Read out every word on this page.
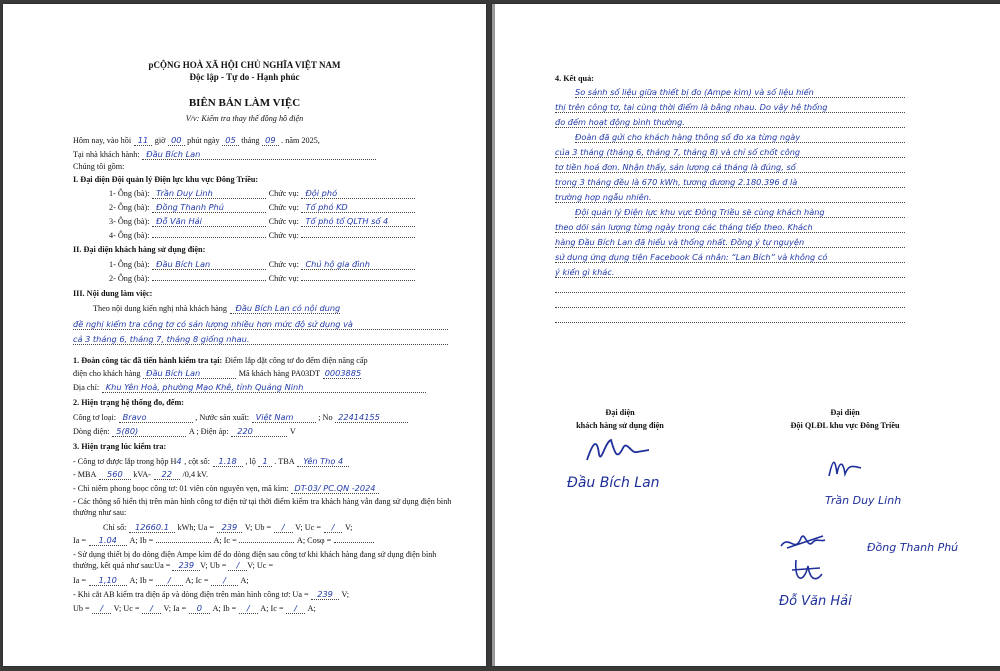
pCỘNG HOÀ XÃ HỘI CHỦ NGHĨA VIỆT NAM
Độc lập - Tự do - Hạnh phúc
BIÊN BẢN LÀM VIỆC
V/v: Kiểm tra thay thế đồng hồ điện
Hôm nay, vào hồi 11 giờ 00 phút ngày 05 tháng 09 . năm 2025,
Tại nhà khách hành: Đầu Bích Lan
Chúng tôi gồm:
I. Đại diện Đội quản lý Điện lực khu vực Đông Triều:
1- Ông (bà): Trần Duy Linh	Chức vụ: Đội phó
2- Ông (bà): Đồng Thanh Phú	Chức vụ: Tổ phó KD
3- Ông (bà): Đỗ Văn Hải	Chức vụ: Tổ phó tổ QLTH số 4
4- Ông (bà):	Chức vụ:
II. Đại diện khách hàng sử dụng điện:
1- Ông (bà): Đầu Bích Lan	Chức vụ: Chủ hộ gia đình
2- Ông (bà):	Chức vụ:
III. Nội dung làm việc:
Theo nội dung kiến nghị nhà khách hàng Đầu Bích Lan có nội dung
đề nghị kiểm tra công tơ có sản lượng nhiều hơn mức độ sử dụng và
cả 3 tháng 6, tháng 7, tháng 8 giống nhau.
1. Đoàn công tác đã tiến hành kiểm tra tại: Điểm lắp đặt công tơ đo đếm điện năng cấp
điện cho khách hàng Đầu Bích Lan	Mã khách hàng PA03DT 0003885
Địa chỉ: Khu Yên Hoà, phường Mạo Khê, tỉnh Quảng Ninh
2. Hiện trạng hệ thống đo, đếm:
Công tơ loại: Bravo	, Nước sản xuất: Việt Nam	; No 22414155
Dòng điện: 5(80)	A ; Điện áp: 220	V
3. Hiện trạng lúc kiểm tra:
- Công tơ được lắp trong hộp H4 , cột số: 1.18 , lộ 1 . TBA Yên Thọ 4
- MBA 560 kVA- 22 /0,4 kV.
- Chì niêm phong boọc công tơ: 01 viên còn nguyên vẹn, mã kìm: DT-03/ PC.QN -2024
- Các thông số hiển thị trên màn hình công tơ điện tử tại thời điểm kiểm tra khách hàng vẫn đang sử dụng điện bình thường như sau:
Chỉ số: 12660.1 kWh; Ua = 239 V; Ub = / V; Uc = / V;
Ia = 1.04 A; Ib =	A; Ic =	A; Cosφ =
- Sử dụng thiết bị đo dòng điện Ampe kìm để đo dòng điện sau công tơ khi khách hàng đang sử dụng điện bình thường, kết quả như sau:Ua = 239 V; Ub = / V; Uc =
Ia = 1,10 A; Ib = / A; Ic = / A;
- Khi cắt AB kiểm tra điện áp và dòng điện trên màn hình công tơ: Ua = 239 V;
Ub = / V; Uc = / V; Ia = 0 A; Ib = / A; Ic = / A;
4. Kết quả:
So sánh số liệu giữa thiết bị đo (Ampe kìm) và số liệu hiển
thị trên công tơ, tại cùng thời điểm là bằng nhau. Do vậy hệ thống
đo đếm hoạt động bình thường.
Đoàn đã gửi cho khách hàng thông số đo xa từng ngày
của 3 tháng (tháng 6, tháng 7, tháng 8) và chỉ số chốt công
tơ tiền hoá đơn. Nhận thấy, sản lượng cả tháng là đúng, số
trong 3 tháng đều là 670 kWh, tương đương 2.180.396 đ là
trường hợp ngẫu nhiên.
Đội quản lý Điện lực khu vực Đông Triều sẽ cùng khách hàng
theo dõi sản lượng từng ngày trong các tháng tiếp theo. Khách
hàng Đầu Bích Lan đã hiểu và thống nhất. Đồng ý tự nguyện
sử dụng ứng dụng tiện Facebook Cá nhân: “Lan Bích” và không có
ý kiến gì khác.

Đại diện
khách hàng sử dụng điện
Đầu Bích Lan
Đại diện
Đội QLĐL khu vực Đông Triều
Trần Duy Linh
Đồng Thanh Phú
Đỗ Văn Hải
